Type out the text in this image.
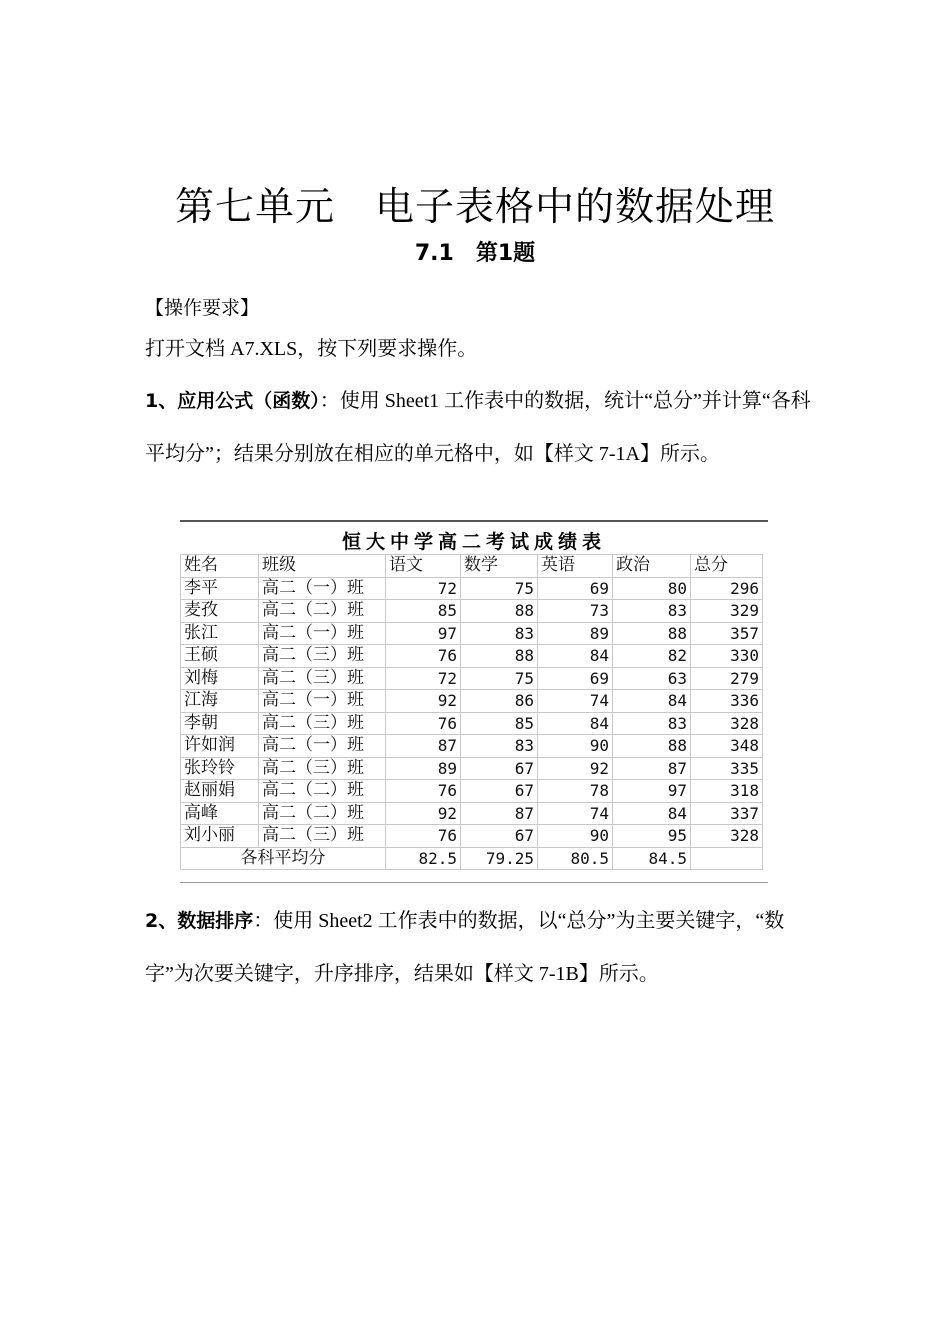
第七单元　电子表格中的数据处理
7.1　第1题
【操作要求】
打开文档 A7.XLS，按下列要求操作。
1、应用公式（函数）：使用 Sheet1 工作表中的数据，统计“总分”并计算“各科平均分”；结果分别放在相应的单元格中，如【样文 7-1A】所示。
恒大中学高二考试成绩表
姓名	班级	语文	数学	英语	政治	总分
李平	高二（一）班	72	75	69	80	296
麦孜	高二（二）班	85	88	73	83	329
张江	高二（一）班	97	83	89	88	357
王硕	高二（三）班	76	88	84	82	330
刘梅	高二（三）班	72	75	69	63	279
江海	高二（一）班	92	86	74	84	336
李朝	高二（三）班	76	85	84	83	328
许如润	高二（一）班	87	83	90	88	348
张玲铃	高二（三）班	89	67	92	87	335
赵丽娟	高二（二）班	76	67	78	97	318
高峰	高二（二）班	92	87	74	84	337
刘小丽	高二（三）班	76	67	90	95	328
各科平均分		82.5	79.25	80.5	84.5	
2、数据排序：使用 Sheet2 工作表中的数据，以“总分”为主要关键字，“数字”为次要关键字，升序排序，结果如【样文 7-1B】所示。
